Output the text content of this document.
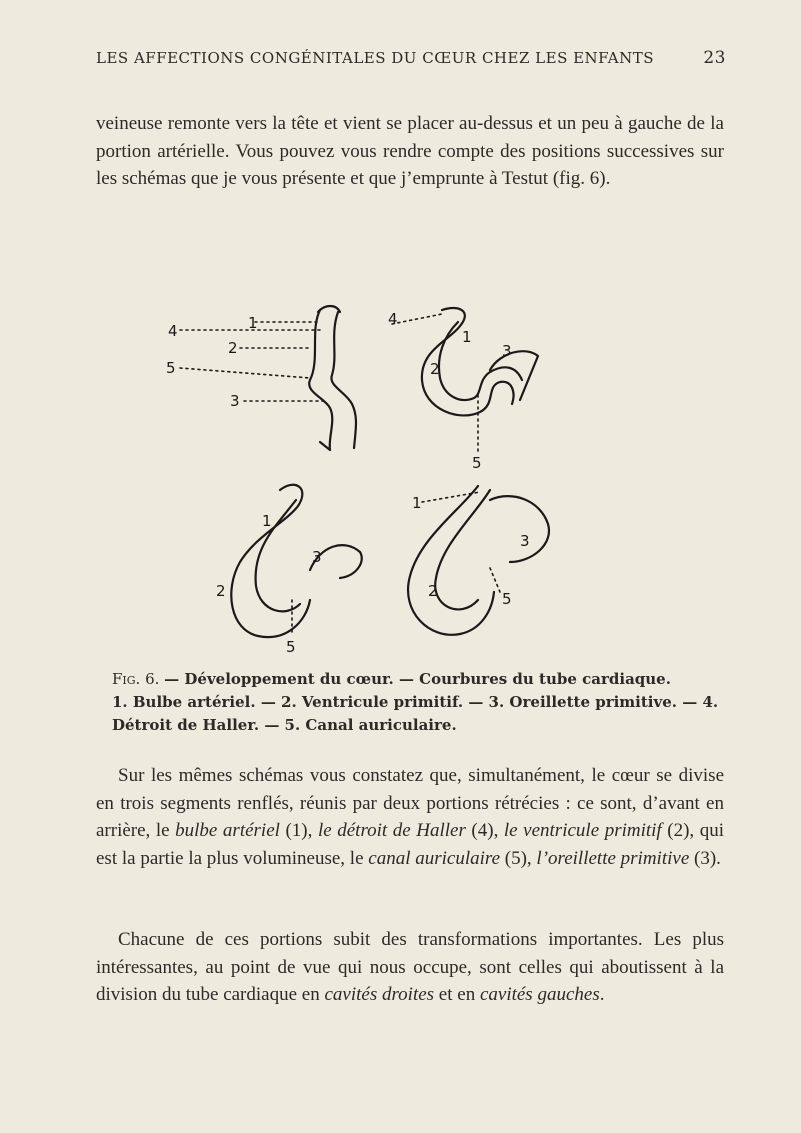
LES AFFECTIONS CONGÉNITALES DU CŒUR CHEZ LES ENFANTS	23

veineuse remonte vers la tête et vient se placer au-dessus et un peu à gauche de la portion artérielle. Vous pouvez vous rendre compte des positions successives sur les schémas que je vous présente et que j’emprunte à Testut (fig. 6).

1
4
2
5
3
1
4
2
3
5
1
2
3
5
1
2
3
5
Fig. 6. — Développement du cœur. — Courbures du tube cardiaque.
1. Bulbe artériel. — 2. Ventricule primitif. — 3. Oreillette primitive. — 4. Détroit de Haller. — 5. Canal auriculaire.

Sur les mêmes schémas vous constatez que, simultanément, le cœur se divise en trois segments renflés, réunis par deux portions rétrécies : ce sont, d’avant en arrière, le bulbe artériel (1), le détroit de Haller (4), le ventricule primitif (2), qui est la partie la plus volumineuse, le canal auriculaire (5), l’oreillette primitive (3).

Chacune de ces portions subit des transformations importantes. Les plus intéressantes, au point de vue qui nous occupe, sont celles qui aboutissent à la division du tube cardiaque en cavités droites et en cavités gauches.
